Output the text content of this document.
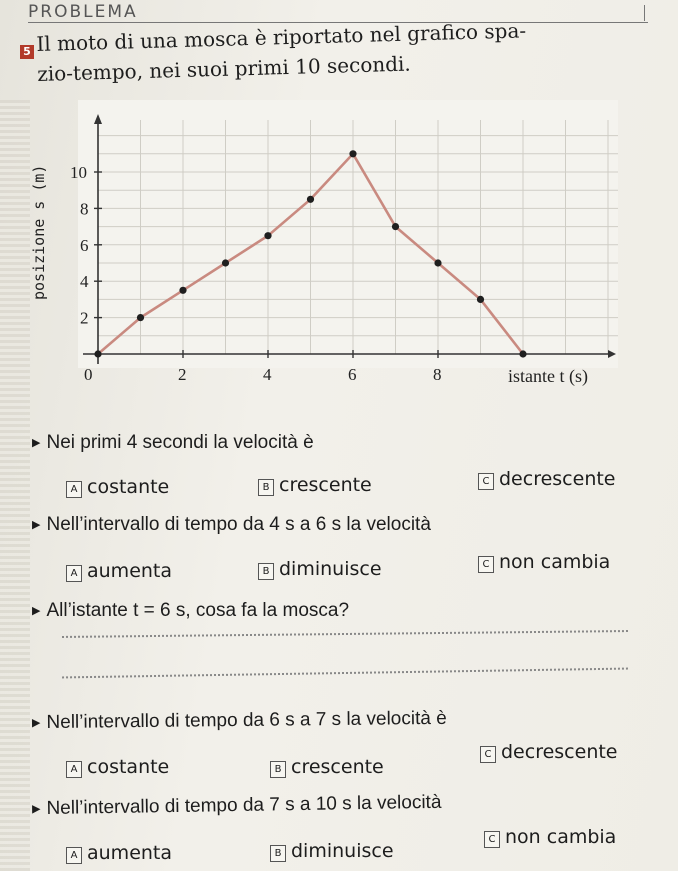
PROBLEMA
5 Il moto di una mosca è riportato nel grafico spa-
zio-tempo, nei suoi primi 10 secondi.
0	2	4	6	8
2
4
6
8
10
posizione s (m)
istante t (s)
▶ Nei primi 4 secondi la velocità è
A costante	B crescente	C decrescente
▶ Nell’intervallo di tempo da 4 s a 6 s la velocità
A aumenta	B diminuisce	C non cambia
▶ All’istante t = 6 s, cosa fa la mosca?
▶ Nell’intervallo di tempo da 6 s a 7 s la velocità è
A costante	B crescente
C decrescente
▶ Nell’intervallo di tempo da 7 s a 10 s la velocità
A aumenta	B diminuisce
C non cambia
